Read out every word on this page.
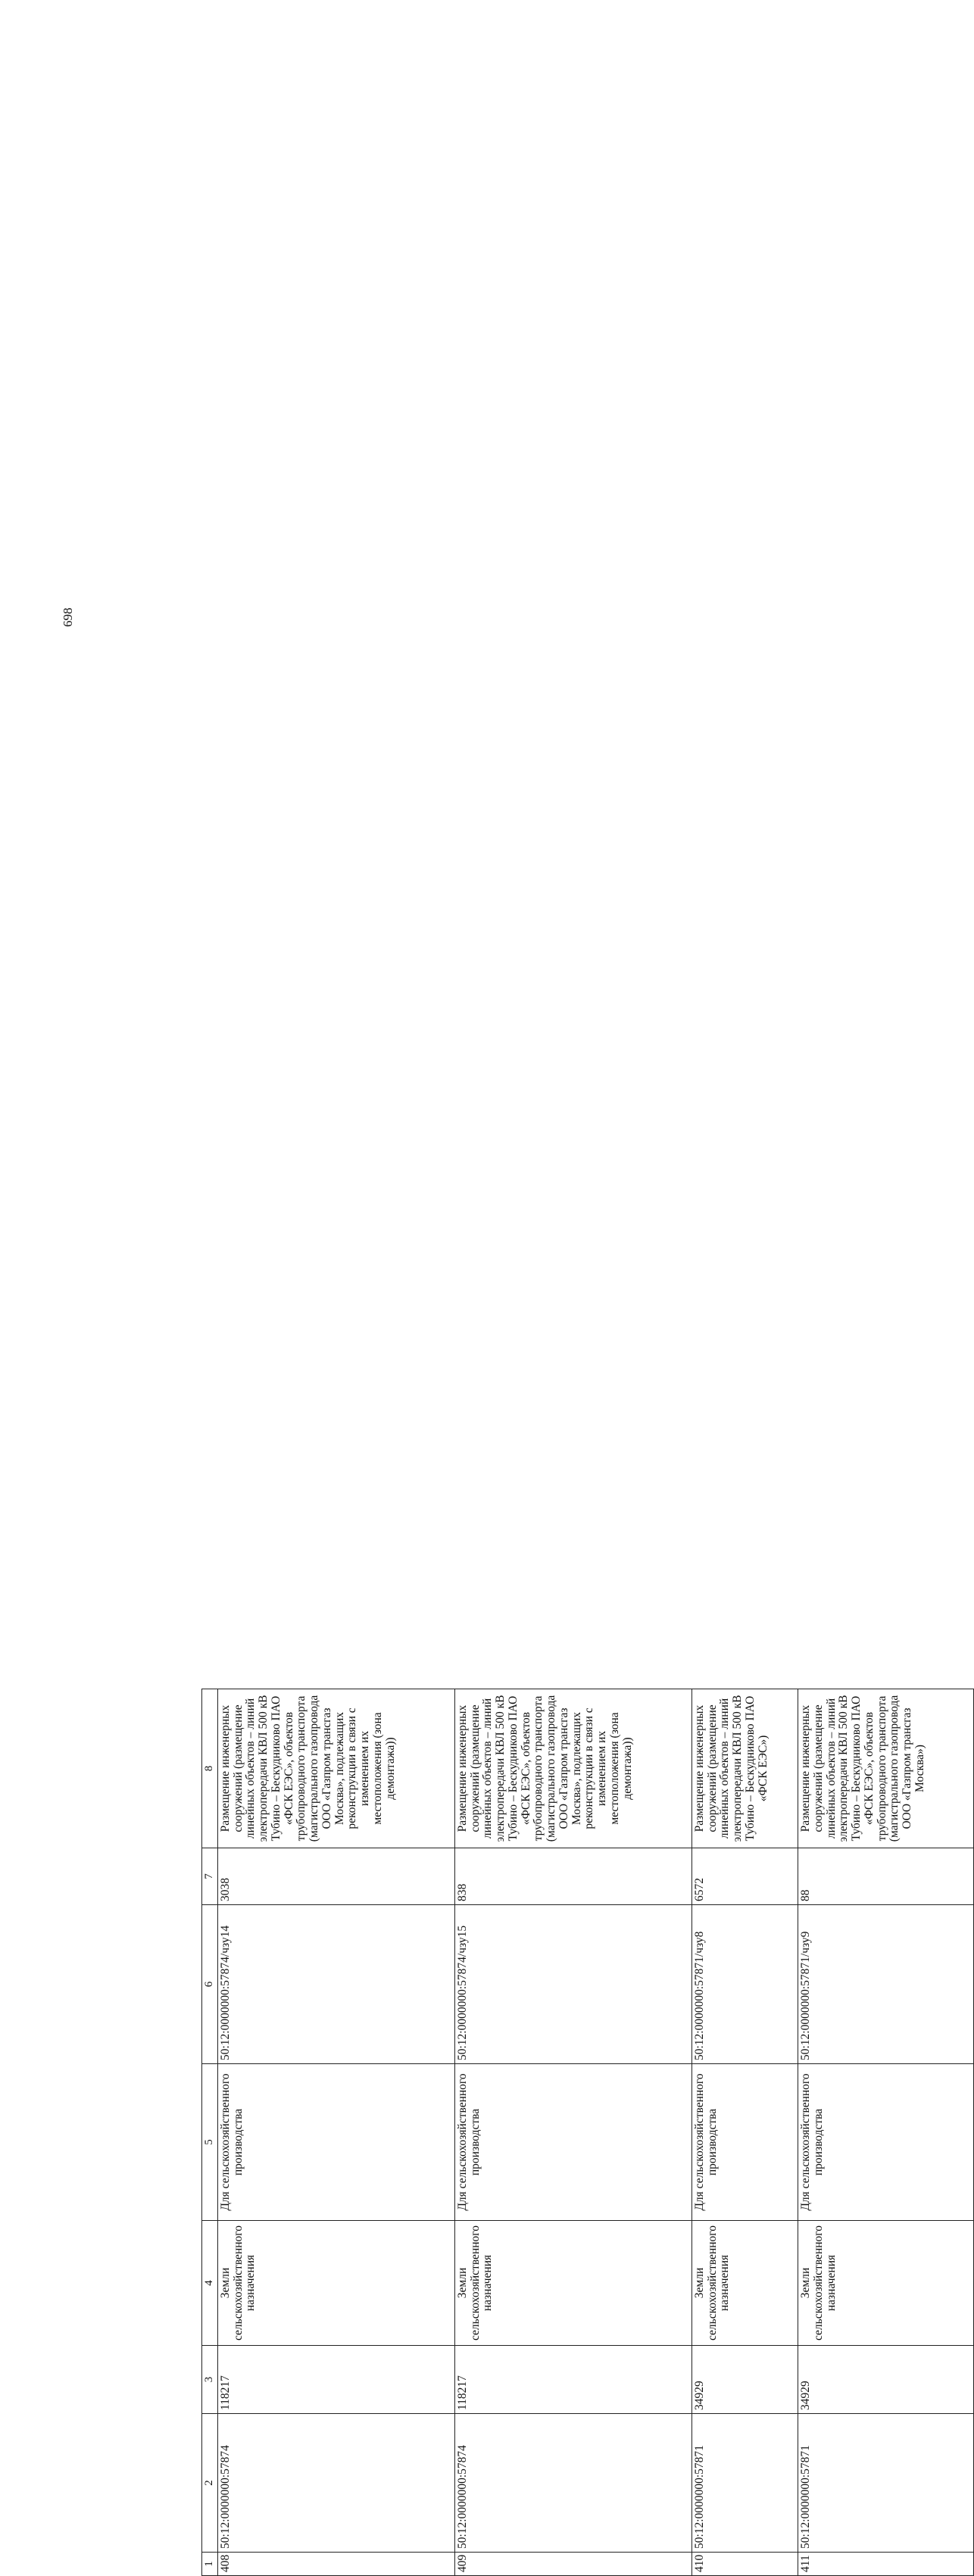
698
1	2	3	4	5	6	7	8
408	50:12:0000000:57874	118217	Земли сельскохозяйственного назначения	Для сельскохозяйственного производства	50:12:0000000:57874/чзу14	3038	Размещение инженерных сооружений (размещение линейных объектов – линий электропередачи КВЛ 500 кВ Тубино – Бескудниково ПАО «ФСК ЕЭС», объектов трубопроводного транспорта (магистрального газопровода ООО «Газпром трансгаз Москва», подлежащих реконструкции в связи с изменением их местоположения (зона демонтажа))
409	50:12:0000000:57874	118217	Земли сельскохозяйственного назначения	Для сельскохозяйственного производства	50:12:0000000:57874/чзу15	838	Размещение инженерных сооружений (размещение линейных объектов – линий электропередачи КВЛ 500 кВ Тубино – Бескудниково ПАО «ФСК ЕЭС», объектов трубопроводного транспорта (магистрального газопровода ООО «Газпром трансгаз Москва», подлежащих реконструкции в связи с изменением их местоположения (зона демонтажа))
410	50:12:0000000:57871	34929	Земли сельскохозяйственного назначения	Для сельскохозяйственного производства	50:12:0000000:57871/чзу8	6572	Размещение инженерных сооружений (размещение линейных объектов – линий электропередачи КВЛ 500 кВ Тубино – Бескудниково ПАО «ФСК ЕЭС»)
411	50:12:0000000:57871	34929	Земли сельскохозяйственного назначения	Для сельскохозяйственного производства	50:12:0000000:57871/чзу9	88	Размещение инженерных сооружений (размещение линейных объектов – линий электропередачи КВЛ 500 кВ Тубино – Бескудниково ПАО «ФСК ЕЭС», объектов трубопроводного транспорта (магистрального газопровода ООО «Газпром трансгаз Москва»)
